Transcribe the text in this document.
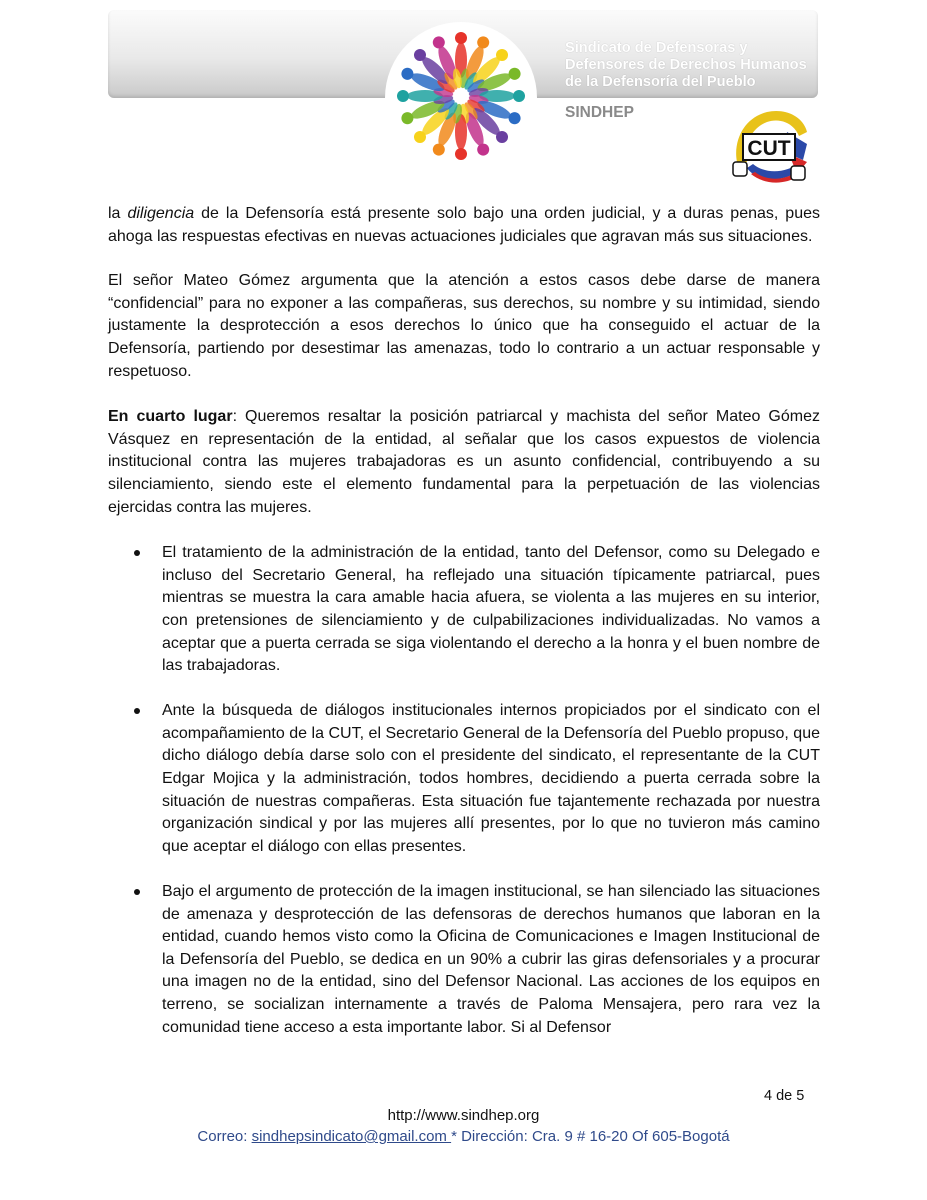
Sindicato de Defensoras y
Defensores de Derechos Humanos
de la Defensoría del Pueblo
SINDHEP
CUT

la diligencia de la Defensoría está presente solo bajo una orden judicial, y a duras penas, pues ahoga las respuestas efectivas en nuevas actuaciones judiciales que agravan más sus situaciones.

El señor Mateo Gómez argumenta que la atención a estos casos debe darse de manera “confidencial” para no exponer a las compañeras, sus derechos, su nombre y su intimidad, siendo justamente la desprotección a esos derechos lo único que ha conseguido el actuar de la Defensoría, partiendo por desestimar las amenazas, todo lo contrario a un actuar responsable y respetuoso.

En cuarto lugar: Queremos resaltar la posición patriarcal y machista del señor Mateo Gómez Vásquez en representación de la entidad, al señalar que los casos expuestos de violencia institucional contra las mujeres trabajadoras es un asunto confidencial, contribuyendo a su silenciamiento, siendo este el elemento fundamental para la perpetuación de las violencias ejercidas contra las mujeres.

El tratamiento de la administración de la entidad, tanto del Defensor, como su Delegado e incluso del Secretario General, ha reflejado una situación típicamente patriarcal, pues mientras se muestra la cara amable hacia afuera, se violenta a las mujeres en su interior, con pretensiones de silenciamiento y de culpabilizaciones individualizadas. No vamos a aceptar que a puerta cerrada se siga violentando el derecho a la honra y el buen nombre de las trabajadoras.
Ante la búsqueda de diálogos institucionales internos propiciados por el sindicato con el acompañamiento de la CUT, el Secretario General de la Defensoría del Pueblo propuso, que dicho diálogo debía darse solo con el presidente del sindicato, el representante de la CUT Edgar Mojica y la administración, todos hombres, decidiendo a puerta cerrada sobre la situación de nuestras compañeras. Esta situación fue tajantemente rechazada por nuestra organización sindical y por las mujeres allí presentes, por lo que no tuvieron más camino que aceptar el diálogo con ellas presentes.
Bajo el argumento de protección de la imagen institucional, se han silenciado las situaciones de amenaza y desprotección de las defensoras de derechos humanos que laboran en la entidad, cuando hemos visto como la Oficina de Comunicaciones e Imagen Institucional de la Defensoría del Pueblo, se dedica en un 90% a cubrir las giras defensoriales y a procurar una imagen no de la entidad, sino del Defensor Nacional. Las acciones de los equipos en terreno, se socializan internamente a través de Paloma Mensajera, pero rara vez la comunidad tiene acceso a esta importante labor. Si al Defensor
4 de 5
http://www.sindhep.org
Correo: sindhepsindicato@gmail.com * Dirección: Cra. 9 # 16-20 Of 605-Bogotá
